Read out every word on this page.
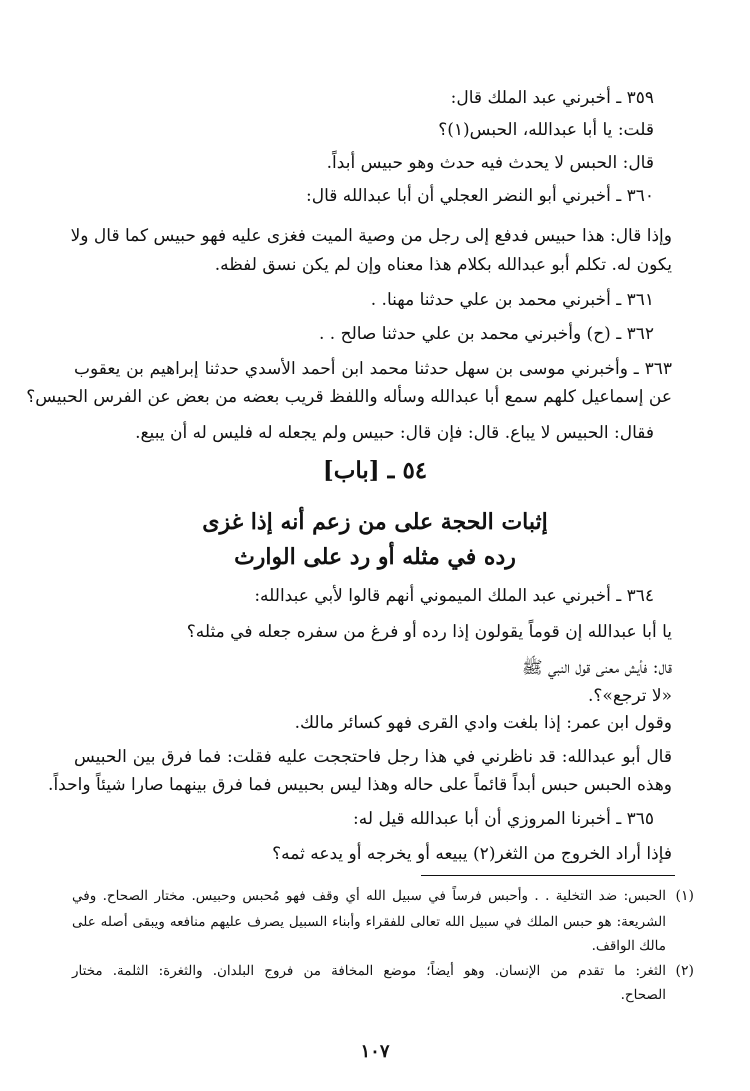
٣٥٩ ـ أخبرني عبد الملك قال:
قلت: يا أبا عبدالله، الحبس(١)؟
قال: الحبس لا يحدث فيه حدث وهو حبيس أبداً.
٣٦٠ ـ أخبرني أبو النضر العجلي أن أبا عبدالله قال:
وإذا قال: هذا حبيس فدفع إلى رجل من وصية الميت فغزى عليه فهو حبيس كما قال ولا
يكون له. تكلم أبو عبدالله بكلام هذا معناه وإن لم يكن نسق لفظه.
٣٦١ ـ أخبرني محمد بن علي حدثنا مهنا. .
٣٦٢ ـ (ح) وأخبرني محمد بن علي حدثنا صالح . .
٣٦٣ ـ وأخبرني موسى بن سهل حدثنا محمد ابن أحمد الأسدي حدثنا إبراهيم بن يعقوب
عن إسماعيل كلهم سمع أبا عبدالله وسأله واللفظ قريب بعضه من بعض عن الفرس الحبيس؟
فقال: الحبيس لا يباع. قال: فإن قال: حبيس ولم يجعله له فليس له أن يبيع.
٥٤ ـ [باب]
إثبات الحجة على من زعم أنه إذا غزى
رده في مثله أو رد على الوارث
٣٦٤ ـ أخبرني عبد الملك الميموني أنهم قالوا لأبي عبدالله:
يا أبا عبدالله إن قوماً يقولون إذا رده أو فرغ من سفره جعله في مثله؟
قال: فأيش معنى قول النبي ﷺ
«لا ترجع»؟.
وقول ابن عمر: إذا بلغت وادي القرى فهو كسائر مالك.
قال أبو عبدالله: قد ناظرني في هذا رجل فاحتججت عليه فقلت: فما فرق بين الحبيس
وهذه الحبس حبس أبداً قائماً على حاله وهذا ليس بحبيس فما فرق بينهما صارا شيئاً واحداً.
٣٦٥ ـ أخبرنا المروزي أن أبا عبدالله قيل له:
فإذا أراد الخروج من الثغر(٢) يبيعه أو يخرجه أو يدعه ثمه؟
(١)
الحبس: ضد التخلية . . وأحبس فرساً في سبيل الله أي وقف فهو مُحبس وحبيس. مختار الصحاح. وفي
الشريعة: هو حبس الملك في سبيل الله تعالى للفقراء وأبناء السبيل يصرف عليهم منافعه ويبقى أصله على
مالك الواقف.
(٢)
الثغر: ما تقدم من الإنسان. وهو أيضاً؛ موضع المخافة من فروج البلدان. والثغرة: الثلمة. مختار
الصحاح.
١٠٧
